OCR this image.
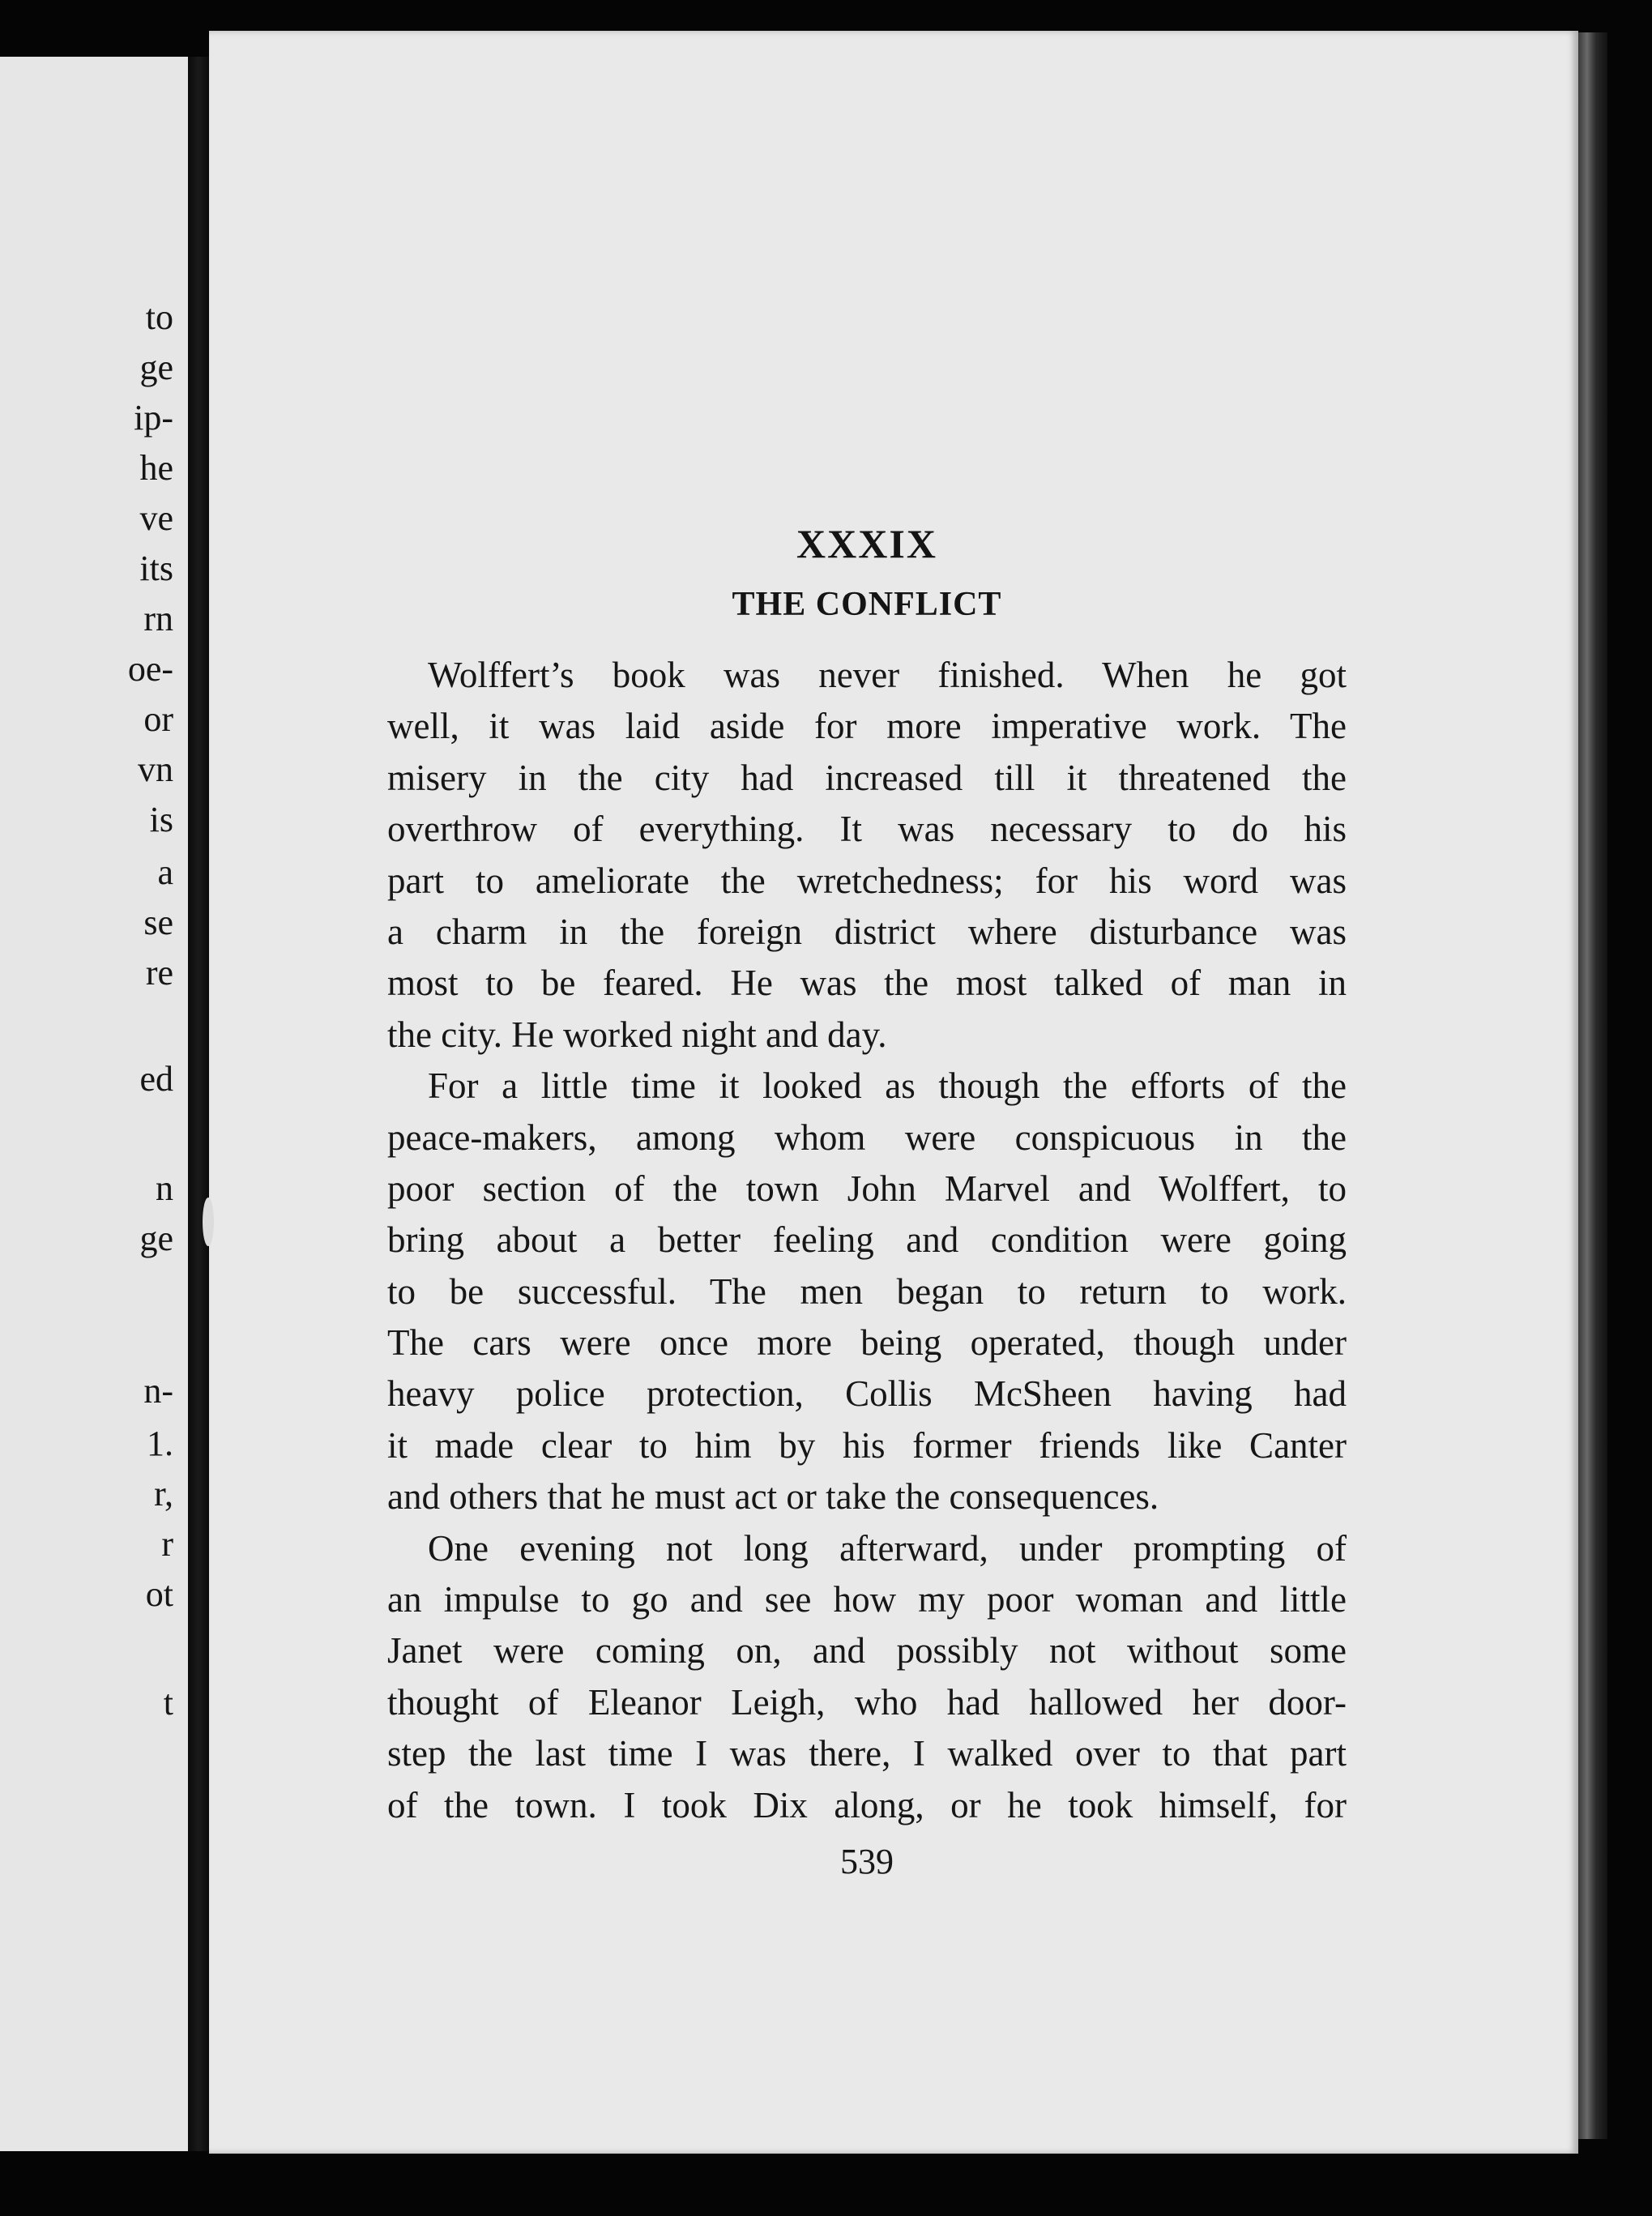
to
ge
ip-
he
ve
its
rn
oe-
or
vn
is
a
se
re
ed
n
ge
n-
1.
r,
r
ot
t
XXXIX
THE CONFLICT

Wolffert’s book was never finished. When he got
well, it was laid aside for more imperative work. The
misery in the city had increased till it threatened the
overthrow of everything. It was necessary to do his
part to ameliorate the wretchedness; for his word was
a charm in the foreign district where disturbance was
most to be feared. He was the most talked of man in
the city. He worked night and day.

For a little time it looked as though the efforts of the
peace-makers, among whom were conspicuous in the
poor section of the town John Marvel and Wolffert, to
bring about a better feeling and condition were going
to be successful. The men began to return to work.
The cars were once more being operated, though under
heavy police protection, Collis McSheen having had
it made clear to him by his former friends like Canter
and others that he must act or take the consequences.

One evening not long afterward, under prompting of
an impulse to go and see how my poor woman and little
Janet were coming on, and possibly not without some
thought of Eleanor Leigh, who had hallowed her door-
step the last time I was there, I walked over to that part
of the town. I took Dix along, or he took himself, for

539
